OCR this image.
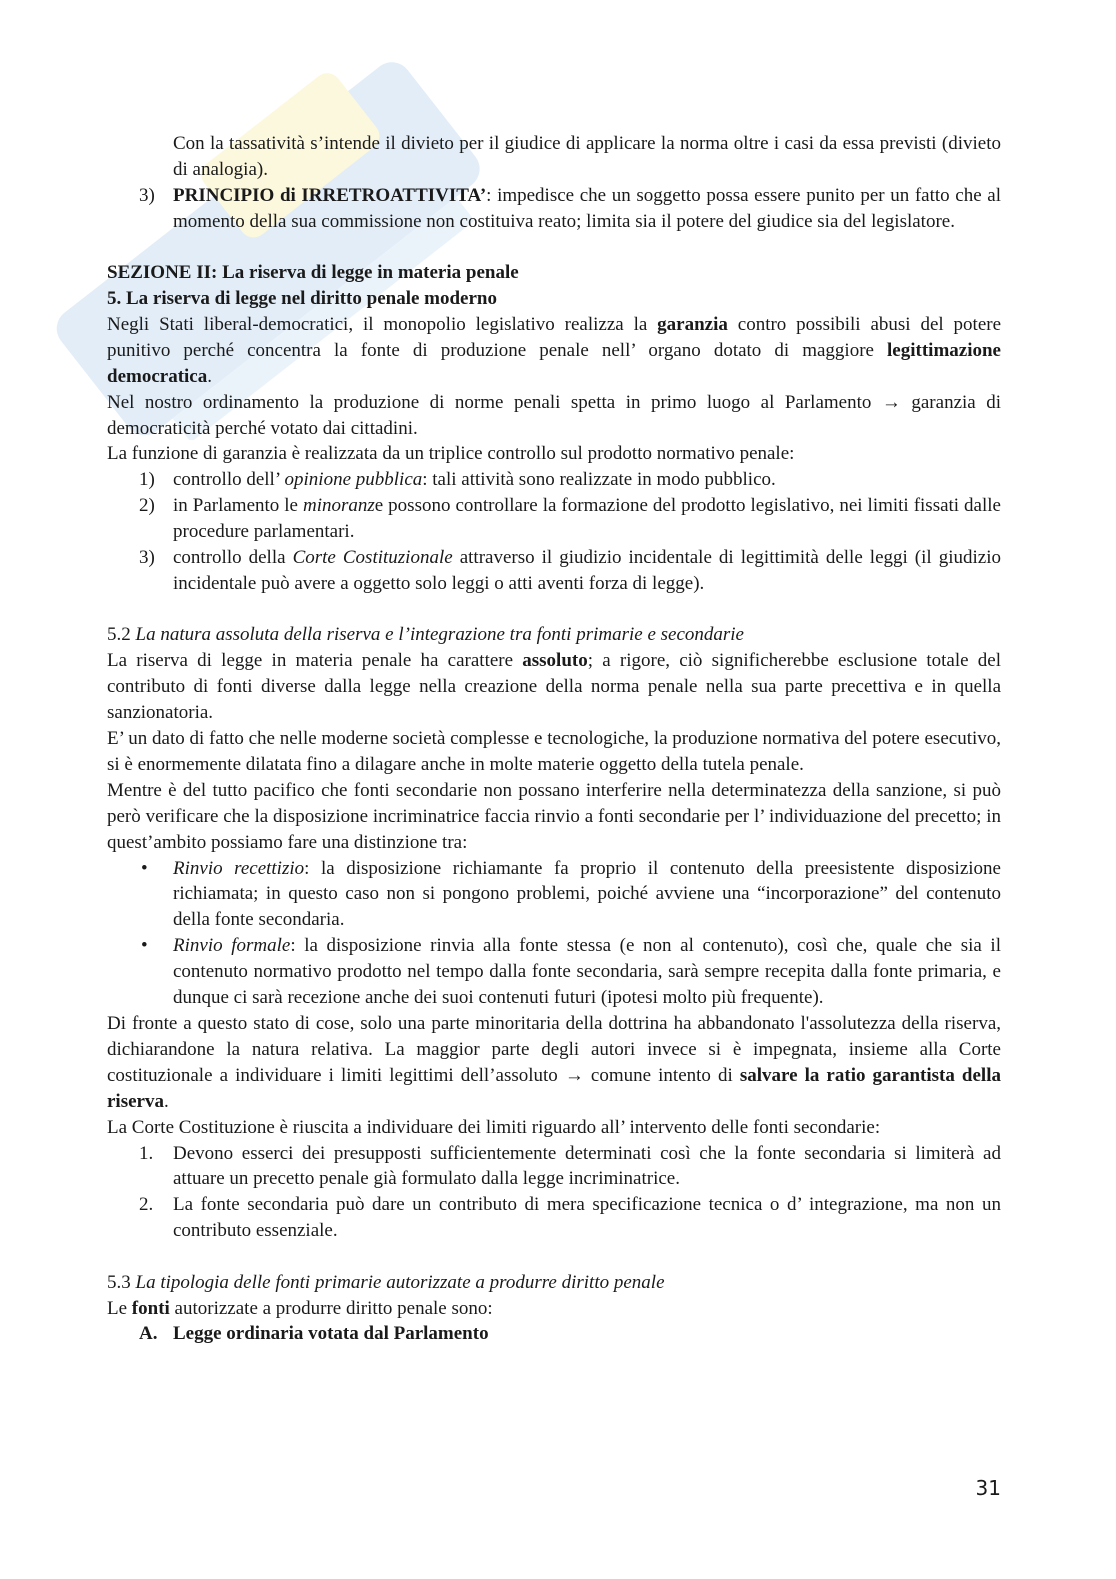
Con la tassatività s’intende il divieto per il giudice di applicare la norma oltre i casi da essa previsti (divieto di analogia).
3) PRINCIPIO di IRRETROATTIVITA’: impedisce che un soggetto possa essere punito per un fatto che al momento della sua commissione non costituiva reato; limita sia il potere del giudice sia del legislatore.
SEZIONE II: La riserva di legge in materia penale
5. La riserva di legge nel diritto penale moderno
Negli Stati liberal-democratici, il monopolio legislativo realizza la garanzia contro possibili abusi del potere punitivo perché concentra la fonte di produzione penale nell’ organo dotato di maggiore legittimazione democratica.
Nel nostro ordinamento la produzione di norme penali spetta in primo luogo al Parlamento → garanzia di democraticità perché votato dai cittadini.
La funzione di garanzia è realizzata da un triplice controllo sul prodotto normativo penale:
1) controllo dell’ opinione pubblica: tali attività sono realizzate in modo pubblico.
2) in Parlamento le minoranze possono controllare la formazione del prodotto legislativo, nei limiti fissati dalle procedure parlamentari.
3) controllo della Corte Costituzionale attraverso il giudizio incidentale di legittimità delle leggi (il giudizio incidentale può avere a oggetto solo leggi o atti aventi forza di legge).
5.2 La natura assoluta della riserva e l’integrazione tra fonti primarie e secondarie
La riserva di legge in materia penale ha carattere assoluto; a rigore, ciò significherebbe esclusione totale del contributo di fonti diverse dalla legge nella creazione della norma penale nella sua parte precettiva e in quella sanzionatoria.
E’ un dato di fatto che nelle moderne società complesse e tecnologiche, la produzione normativa del potere esecutivo, si è enormemente dilatata fino a dilagare anche in molte materie oggetto della tutela penale.
Mentre è del tutto pacifico che fonti secondarie non possano interferire nella determinatezza della sanzione, si può però verificare che la disposizione incriminatrice faccia rinvio a fonti secondarie per l’ individuazione del precetto; in quest’ambito possiamo fare una distinzione tra:
• Rinvio recettizio: la disposizione richiamante fa proprio il contenuto della preesistente disposizione richiamata; in questo caso non si pongono problemi, poiché avviene una “incorporazione” del contenuto della fonte secondaria.
• Rinvio formale: la disposizione rinvia alla fonte stessa (e non al contenuto), così che, quale che sia il contenuto normativo prodotto nel tempo dalla fonte secondaria, sarà sempre recepita dalla fonte primaria, e dunque ci sarà recezione anche dei suoi contenuti futuri (ipotesi molto più frequente).
Di fronte a questo stato di cose, solo una parte minoritaria della dottrina ha abbandonato l'assolutezza della riserva, dichiarandone la natura relativa. La maggior parte degli autori invece si è impegnata, insieme alla Corte costituzionale a individuare i limiti legittimi dell’assoluto → comune intento di salvare la ratio garantista della riserva.
La Corte Costituzione è riuscita a individuare dei limiti riguardo all’ intervento delle fonti secondarie:
1. Devono esserci dei presupposti sufficientemente determinati così che la fonte secondaria si limiterà ad attuare un precetto penale già formulato dalla legge incriminatrice.
2. La fonte secondaria può dare un contributo di mera specificazione tecnica o d’ integrazione, ma non un contributo essenziale.
5.3 La tipologia delle fonti primarie autorizzate a produrre diritto penale
Le fonti autorizzate a produrre diritto penale sono:
A. Legge ordinaria votata dal Parlamento
31
